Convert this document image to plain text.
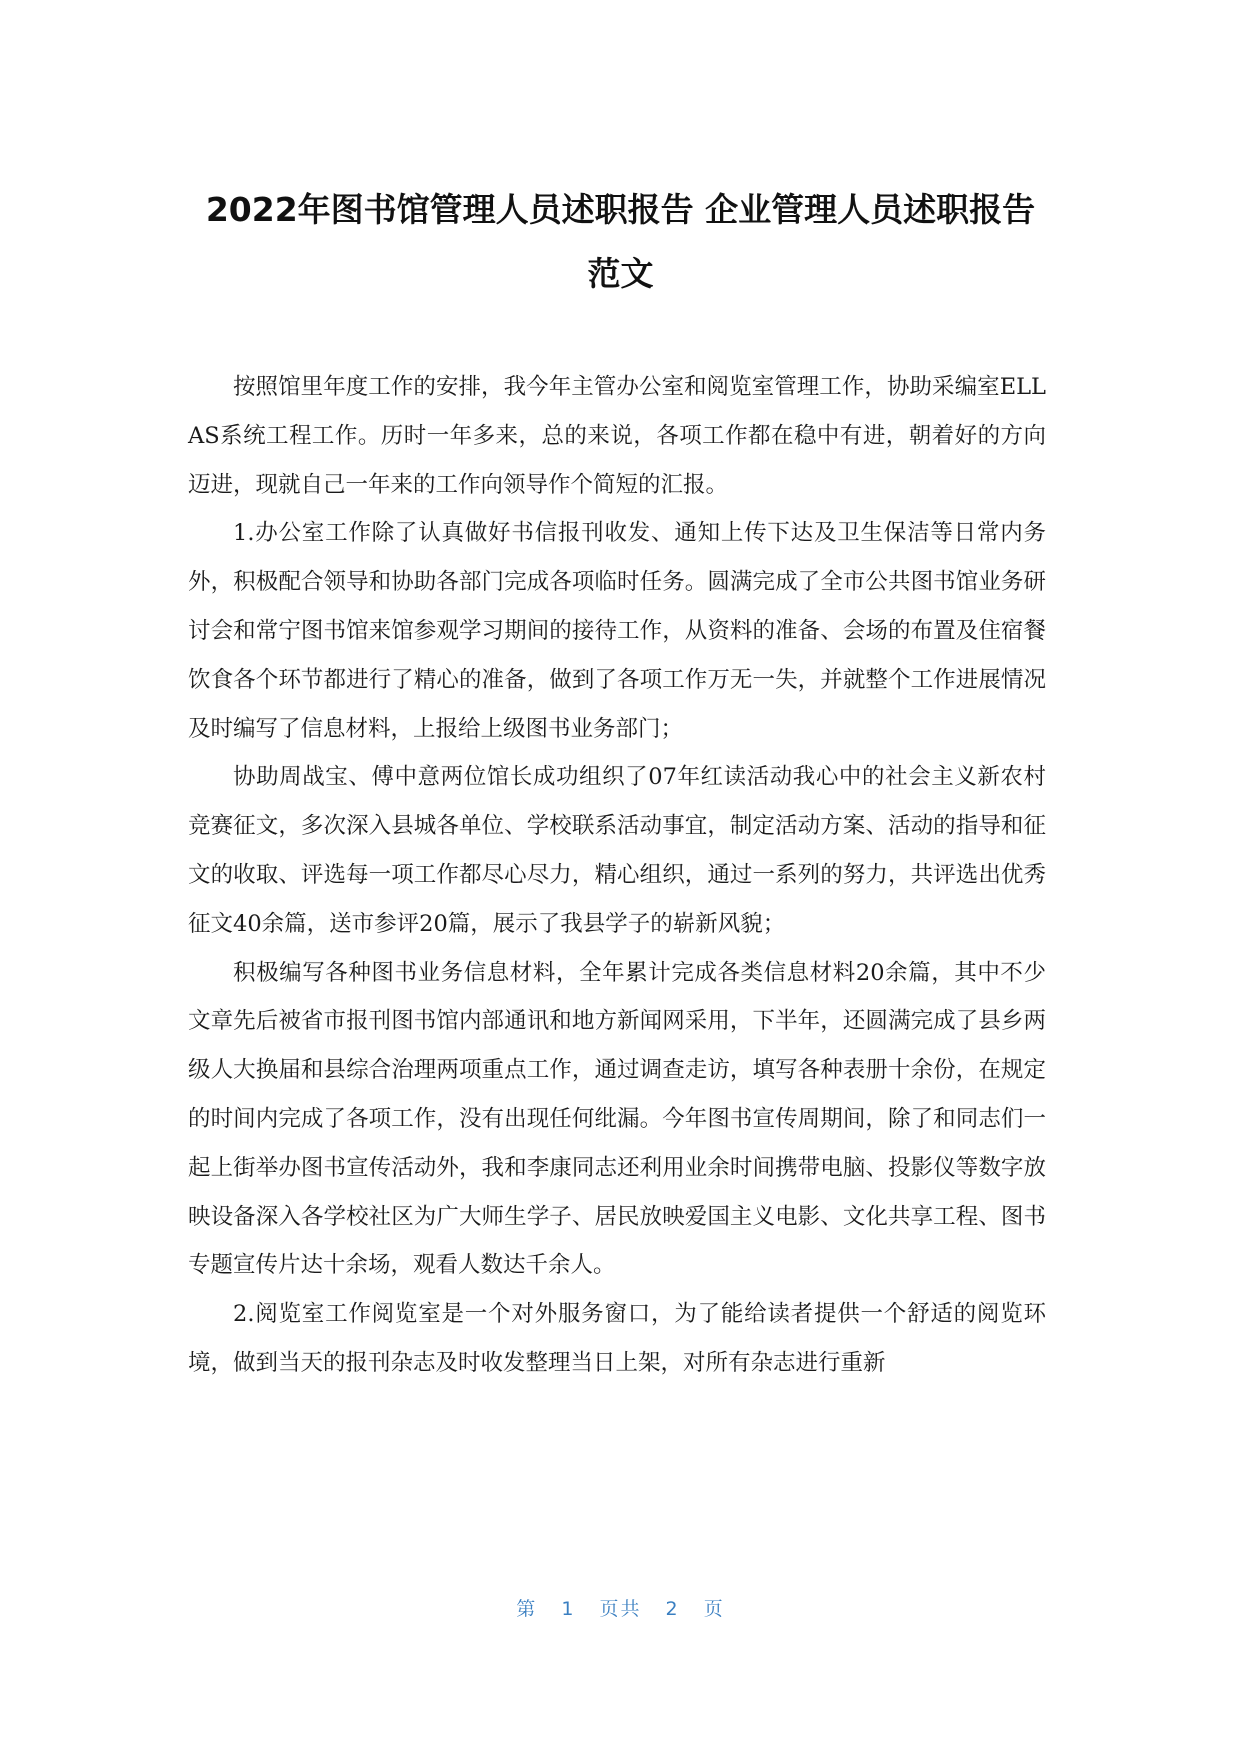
2022年图书馆管理人员述职报告 企业管理人员述职报告
范文

按照馆里年度工作的安排，我今年主管办公室和阅览室管理工作，协助采编室ELLAS系统工程工作。历时一年多来，总的来说，各项工作都在稳中有进，朝着好的方向迈进，现就自己一年来的工作向领导作个简短的汇报。

1.办公室工作除了认真做好书信报刊收发、通知上传下达及卫生保洁等日常内务外，积极配合领导和协助各部门完成各项临时任务。圆满完成了全市公共图书馆业务研讨会和常宁图书馆来馆参观学习期间的接待工作，从资料的准备、会场的布置及住宿餐饮食各个环节都进行了精心的准备，做到了各项工作万无一失，并就整个工作进展情况及时编写了信息材料，上报给上级图书业务部门；

协助周战宝、傅中意两位馆长成功组织了07年红读活动我心中的社会主义新农村竞赛征文，多次深入县城各单位、学校联系活动事宜，制定活动方案、活动的指导和征文的收取、评选每一项工作都尽心尽力，精心组织，通过一系列的努力，共评选出优秀征文40余篇，送市参评20篇，展示了我县学子的崭新风貌；

积极编写各种图书业务信息材料，全年累计完成各类信息材料20余篇，其中不少文章先后被省市报刊图书馆内部通讯和地方新闻网采用，下半年，还圆满完成了县乡两级人大换届和县综合治理两项重点工作，通过调查走访，填写各种表册十余份，在规定的时间内完成了各项工作，没有出现任何纰漏。今年图书宣传周期间，除了和同志们一起上街举办图书宣传活动外，我和李康同志还利用业余时间携带电脑、投影仪等数字放映设备深入各学校社区为广大师生学子、居民放映爱国主义电影、文化共享工程、图书专题宣传片达十余场，观看人数达千余人。

2.阅览室工作阅览室是一个对外服务窗口，为了能给读者提供一个舒适的阅览环境，做到当天的报刊杂志及时收发整理当日上架，对所有杂志进行重新

第 1 页共 2 页
